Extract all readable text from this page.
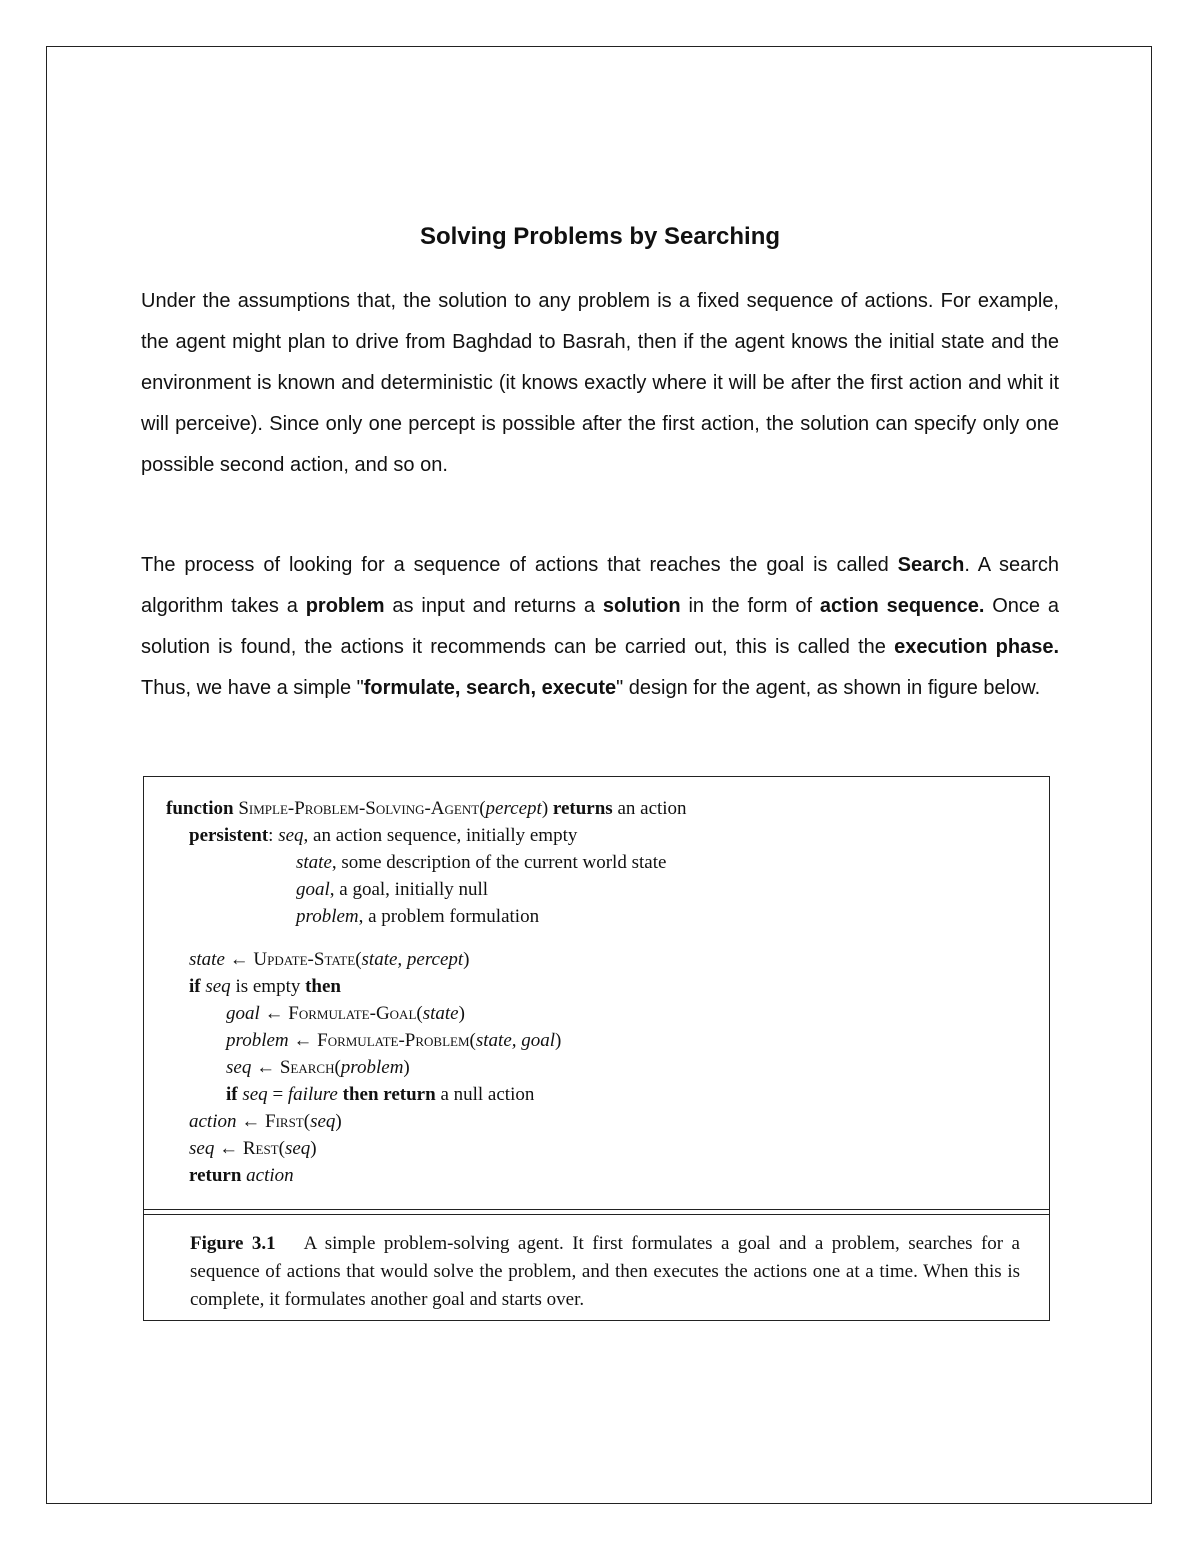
Solving Problems by Searching

Under the assumptions that, the solution to any problem is a fixed sequence of actions. For example, the agent might plan to drive from Baghdad to Basrah, then if the agent knows the initial state and the environment is known and deterministic (it knows exactly where it will be after the first action and whit it will perceive). Since only one percept is possible after the first action, the solution can specify only one possible second action, and so on.

The process of looking for a sequence of actions that reaches the goal is called Search. A search algorithm takes a problem as input and returns a solution in the form of action sequence. Once a solution is found, the actions it recommends can be carried out, this is called the execution phase. Thus, we have a simple "formulate, search, execute" design for the agent, as shown in figure below.

function Simple-Problem-Solving-Agent(percept) returns an action
persistent: seq, an action sequence, initially empty
state, some description of the current world state
goal, a goal, initially null
problem, a problem formulation
state ← Update-State(state, percept)
if seq is empty then
goal ← Formulate-Goal(state)
problem ← Formulate-Problem(state, goal)
seq ← Search(problem)
if seq = failure then return a null action
action ← First(seq)
seq ← Rest(seq)
return action

Figure 3.1 A simple problem-solving agent. It first formulates a goal and a problem, searches for a sequence of actions that would solve the problem, and then executes the actions one at a time. When this is complete, it formulates another goal and starts over.
